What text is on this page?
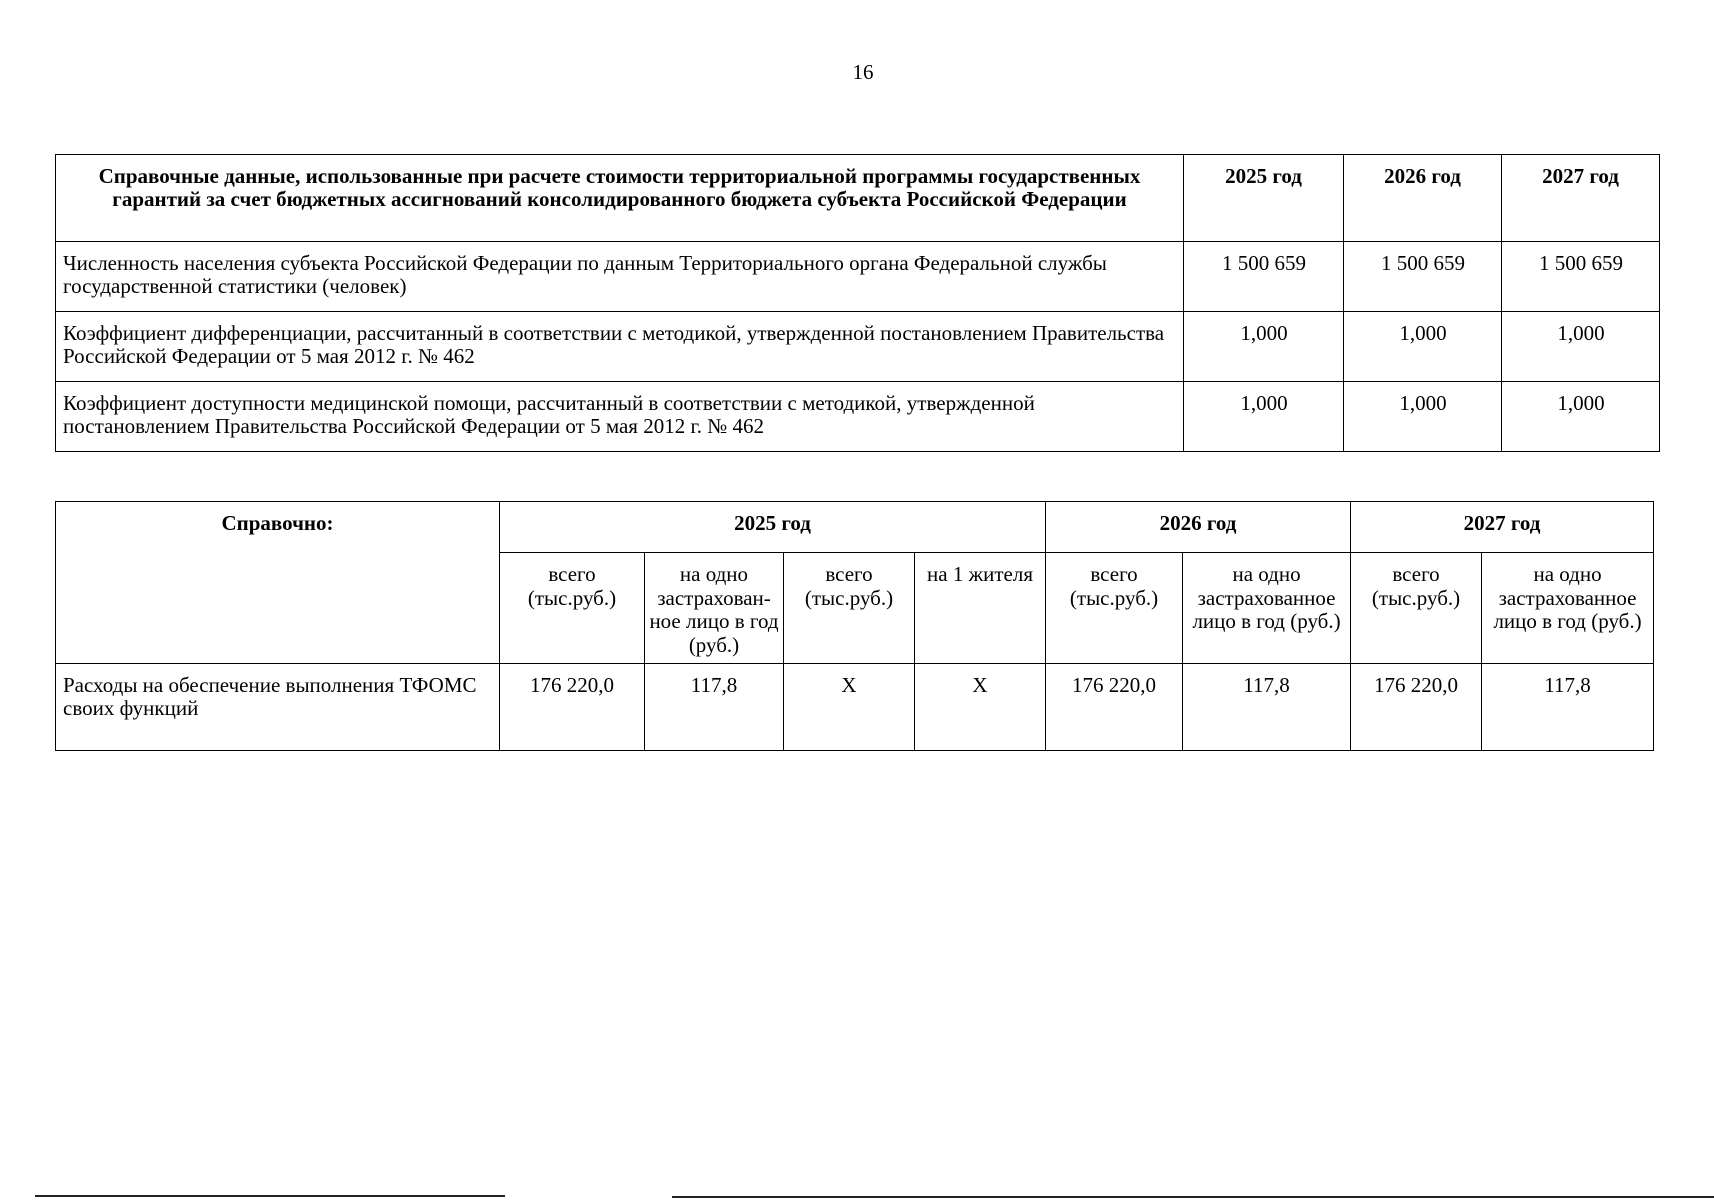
16
Справочные данные, использованные при расчете стоимости территориальной программы государственных гарантий за счет бюджетных ассигнований консолидированного бюджета субъекта Российской Федерации	2025 год	2026 год	2027 год
Численность населения субъекта Российской Федерации по данным Территориального органа Федеральной службы государственной статистики (человек)	1 500 659	1 500 659	1 500 659
Коэффициент дифференциации, рассчитанный в соответствии с методикой, утвержденной постановлением Правительства Российской Федерации от 5 мая 2012 г. № 462	1,000	1,000	1,000
Коэффициент доступности медицинской помощи, рассчитанный в соответствии с методикой, утвержденной постановлением Правительства Российской Федерации от 5 мая 2012 г. № 462	1,000	1,000	1,000
Справочно:	2025 год				2026 год		2027 год	
	всего (тыс.руб.)	на одно застрахован- ное лицо в год (руб.)	всего (тыс.руб.)	на 1 жителя	всего (тыс.руб.)	на одно застрахованное лицо в год (руб.)	всего (тыс.руб.)	на одно застрахованное лицо в год (руб.)
Расходы на обеспечение выполнения ТФОМС своих функций	176 220,0	117,8	X	X	176 220,0	117,8	176 220,0	117,8
